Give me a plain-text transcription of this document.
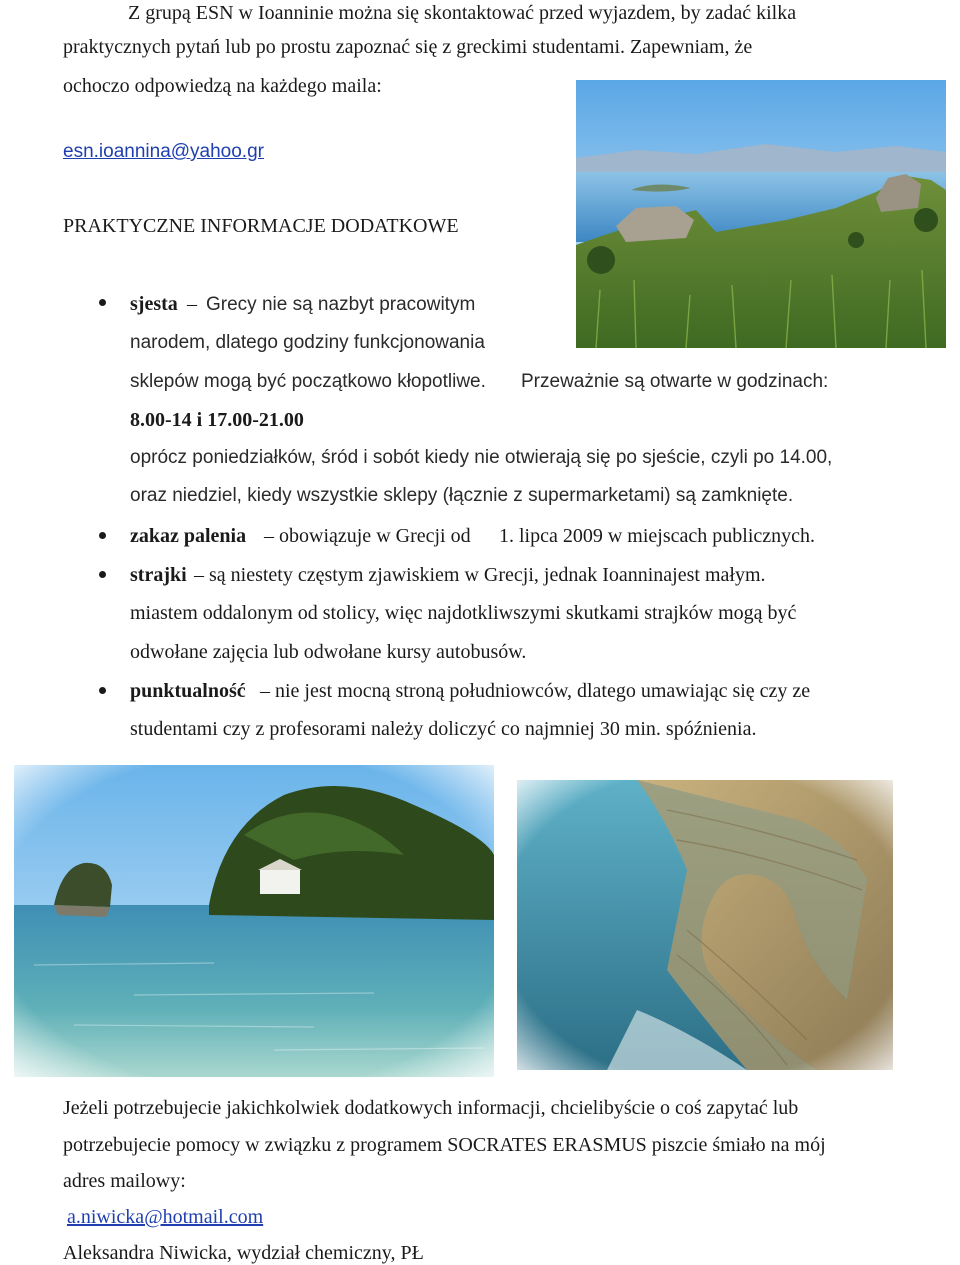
Z grupą ESN w Ioanninie można się skontaktować przed wyjazdem, by zadać kilka
praktycznych pytań lub po prostu zapoznać się z greckimi studentami. Zapewniam, że
ochoczo odpowiedzą na każdego maila:
esn.ioannina@yahoo.gr
PRAKTYCZNE INFORMACJE DODATKOWE
sjesta – Grecy nie są nazbyt pracowitym
narodem, dlatego godziny funkcjonowania
sklepów mogą być początkowo kłopotliwe. Przeważnie są otwarte w godzinach:
8.00-14 i 17.00-21.00
oprócz poniedziałków, śród i sobót kiedy nie otwierają się po sjeście, czyli po 14.00,
oraz niedziel, kiedy wszystkie sklepy (łącznie z supermarketami) są zamknięte.
zakaz palenia – obowiązuje w Grecji od 1. lipca 2009 w miejscach publicznych.
strajki – są niestety częstym zjawiskiem w Grecji, jednak Ioanninajest małym.
miastem oddalonym od stolicy, więc najdotkliwszymi skutkami strajków mogą być
odwołane zajęcia lub odwołane kursy autobusów.
punktualność – nie jest mocną stroną południowców, dlatego umawiając się czy ze
studentami czy z profesorami należy doliczyć co najmniej 30 min. spóźnienia.
Jeżeli potrzebujecie jakichkolwiek dodatkowych informacji, chcielibyście o coś zapytać lub
potrzebujecie pomocy w związku z programem SOCRATES ERASMUS piszcie śmiało na mój
adres mailowy:
a.niwicka@hotmail.com
Aleksandra Niwicka, wydział chemiczny, PŁ
